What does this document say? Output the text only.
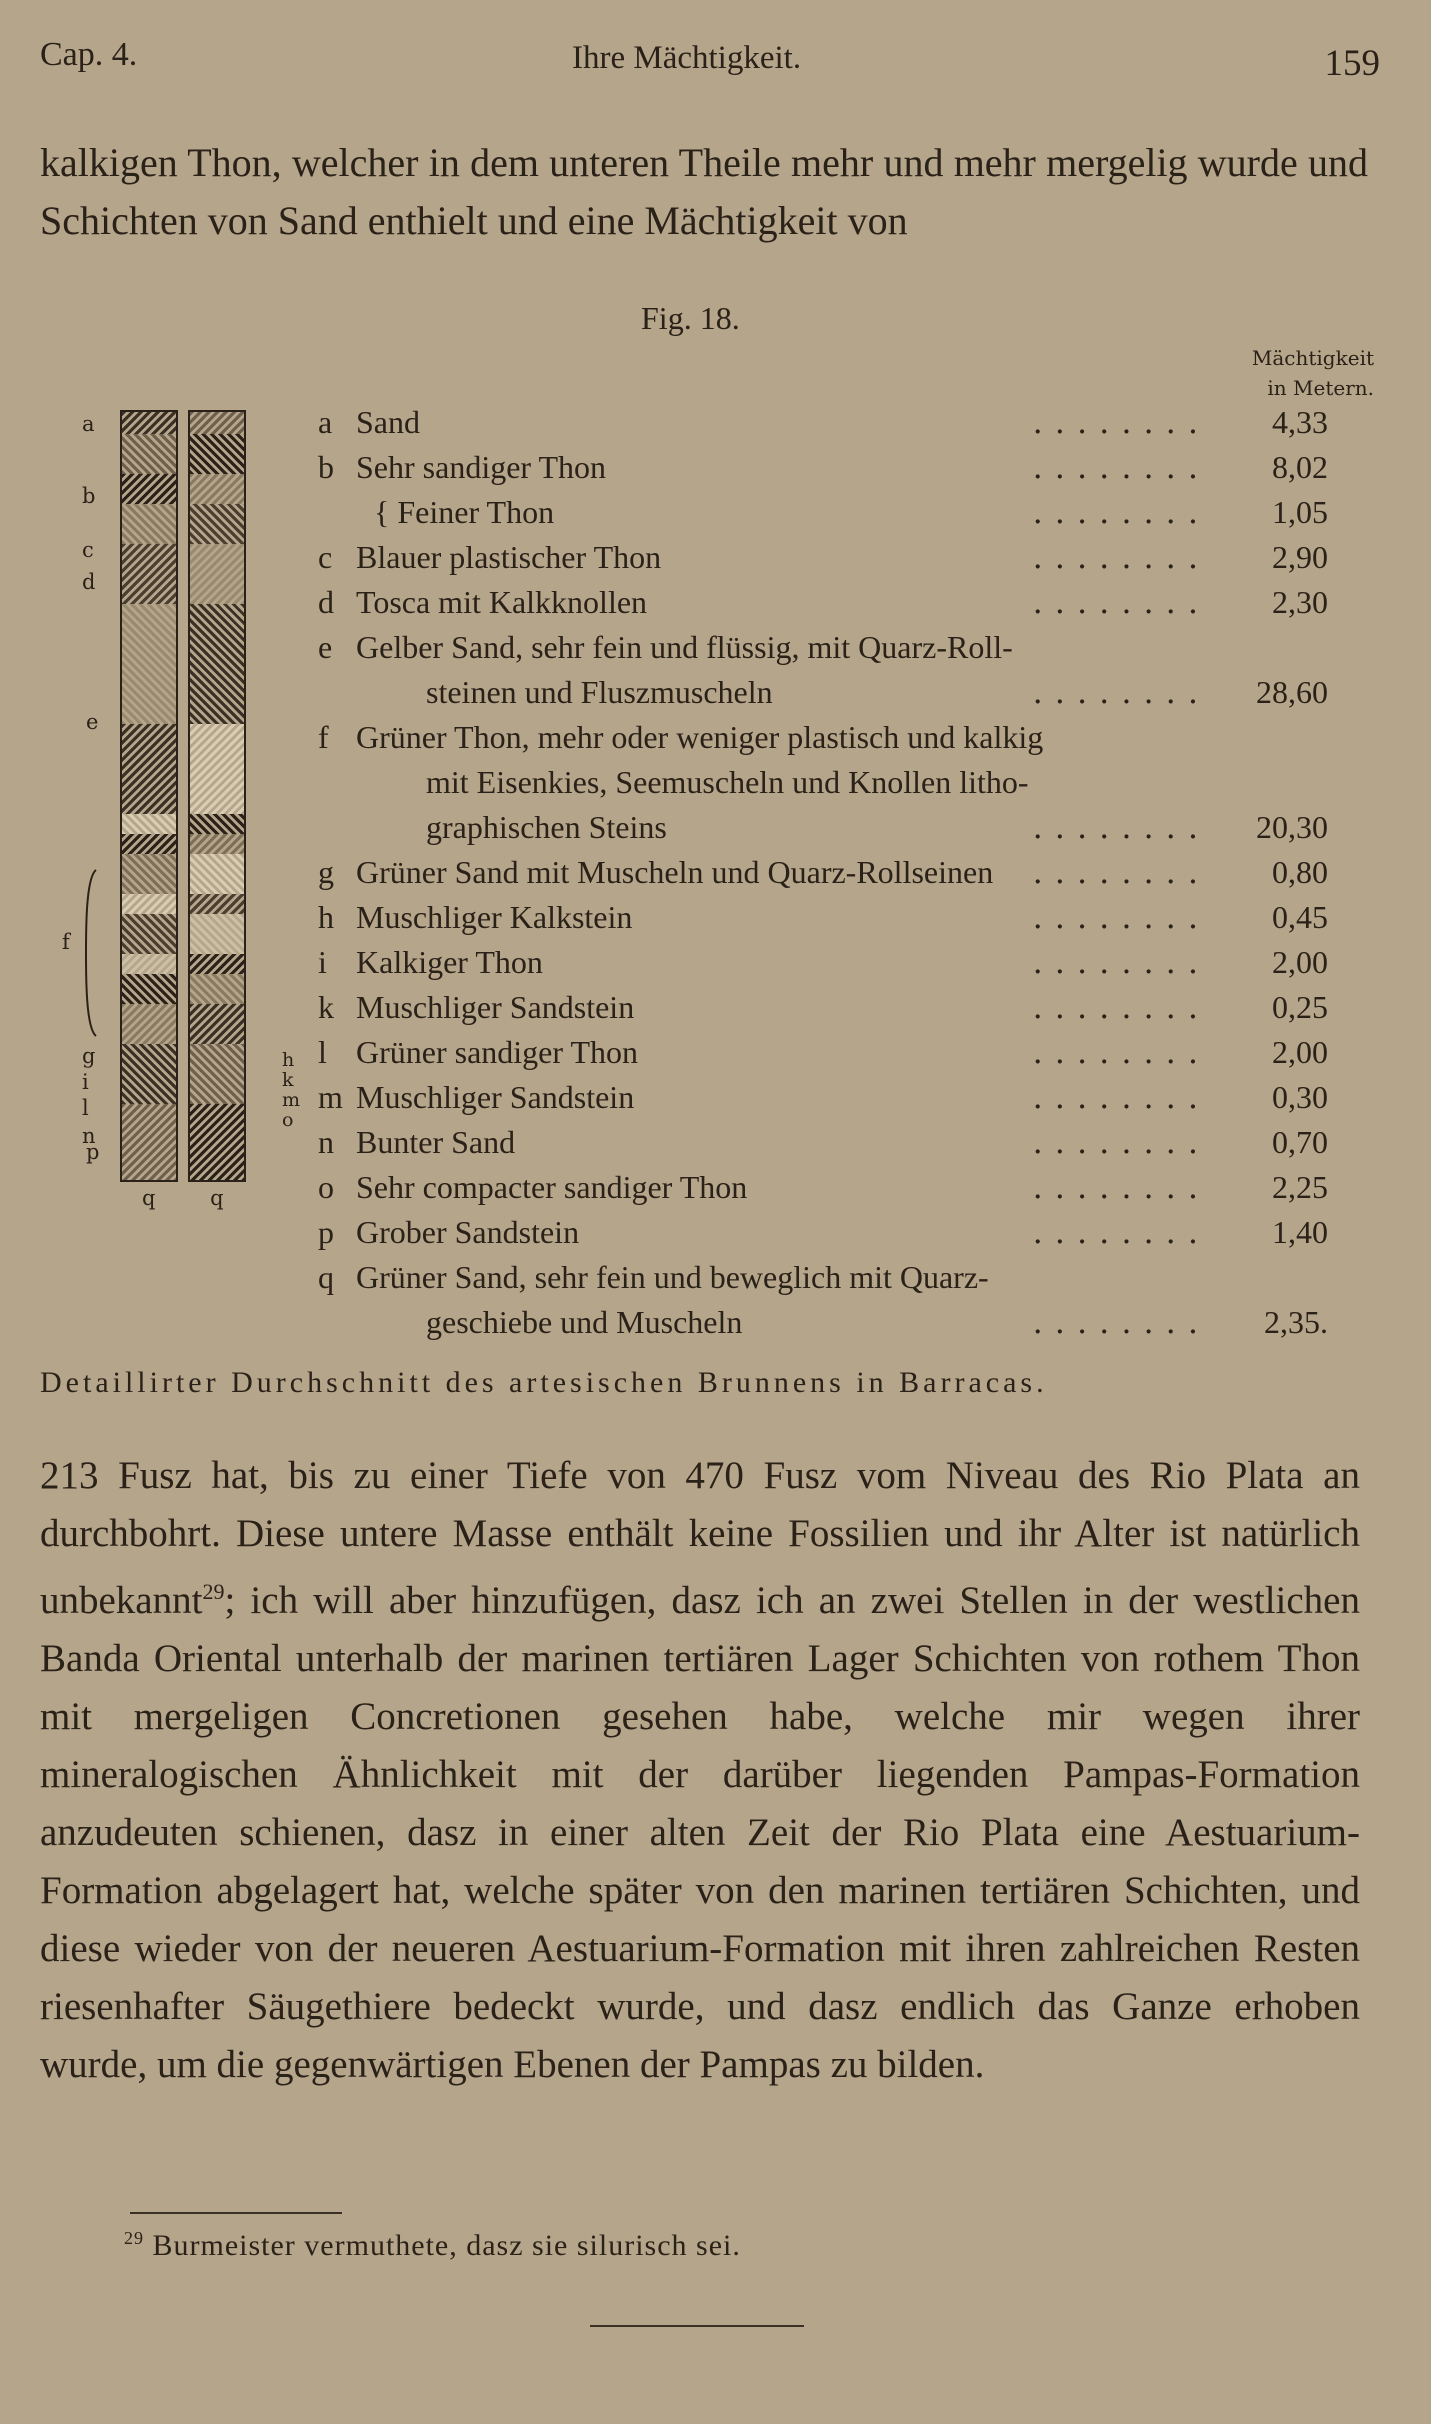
Cap. 4.	Ihre Mächtigkeit.	159
kalkigen Thon, welcher in dem unteren Theile mehr und mehr mergelig wurde und Schichten von Sand enthielt und eine Mächtigkeit von
Fig. 18.
Mächtigkeit
in Metern.
a
b
c
d
e
f
g
i
l
n
p
h
k
m
o
q q
a Sand	........	4,33
b Sehr sandiger Thon	........	8,02
{ Feiner Thon	........	1,05
c Blauer plastischer Thon	........	2,90
d Tosca mit Kalkknollen	........	2,30
e Gelber Sand, sehr fein und flüssig, mit Quarz-Roll-
steinen und Fluszmuscheln	........	28,60
f Grüner Thon, mehr oder weniger plastisch und kalkig
mit Eisenkies, Seemuscheln und Knollen litho-
graphischen Steins	........	20,30
g Grüner Sand mit Muscheln und Quarz-Rollseinen ........	0,80
h Muschliger Kalkstein	........	0,45
i Kalkiger Thon	........	2,00
k Muschliger Sandstein	........	0,25
l Grüner sandiger Thon	........	2,00
m Muschliger Sandstein	........	0,30
n Bunter Sand	........	0,70
o Sehr compacter sandiger Thon	........	2,25
p Grober Sandstein	........	1,40
q Grüner Sand, sehr fein und beweglich mit Quarz-
geschiebe und Muscheln	........	2,35.
Detaillirter Durchschnitt des artesischen Brunnens in Barracas.
213 Fusz hat, bis zu einer Tiefe von 470 Fusz vom Niveau des Rio Plata an durchbohrt. Diese untere Masse enthält keine Fossilien und ihr Alter ist natürlich unbekannt$^{29}$; ich will aber hinzufügen, dasz ich an zwei Stellen in der westlichen Banda Oriental unterhalb der marinen tertiären Lager Schichten von rothem Thon mit mergeligen Concretionen gesehen habe, welche mir wegen ihrer mineralogischen Ähnlichkeit mit der darüber liegenden Pampas-Formation anzudeuten schienen, dasz in einer alten Zeit der Rio Plata eine Aestuarium-Formation abgelagert hat, welche später von den marinen tertiären Schichten, und diese wieder von der neueren Aestuarium-Formation mit ihren zahlreichen Resten riesenhafter Säugethiere bedeckt wurde, und dasz endlich das Ganze erhoben wurde, um die gegenwärtigen Ebenen der Pampas zu bilden.
$^{29}$ Burmeister vermuthete, dasz sie silurisch sei.
